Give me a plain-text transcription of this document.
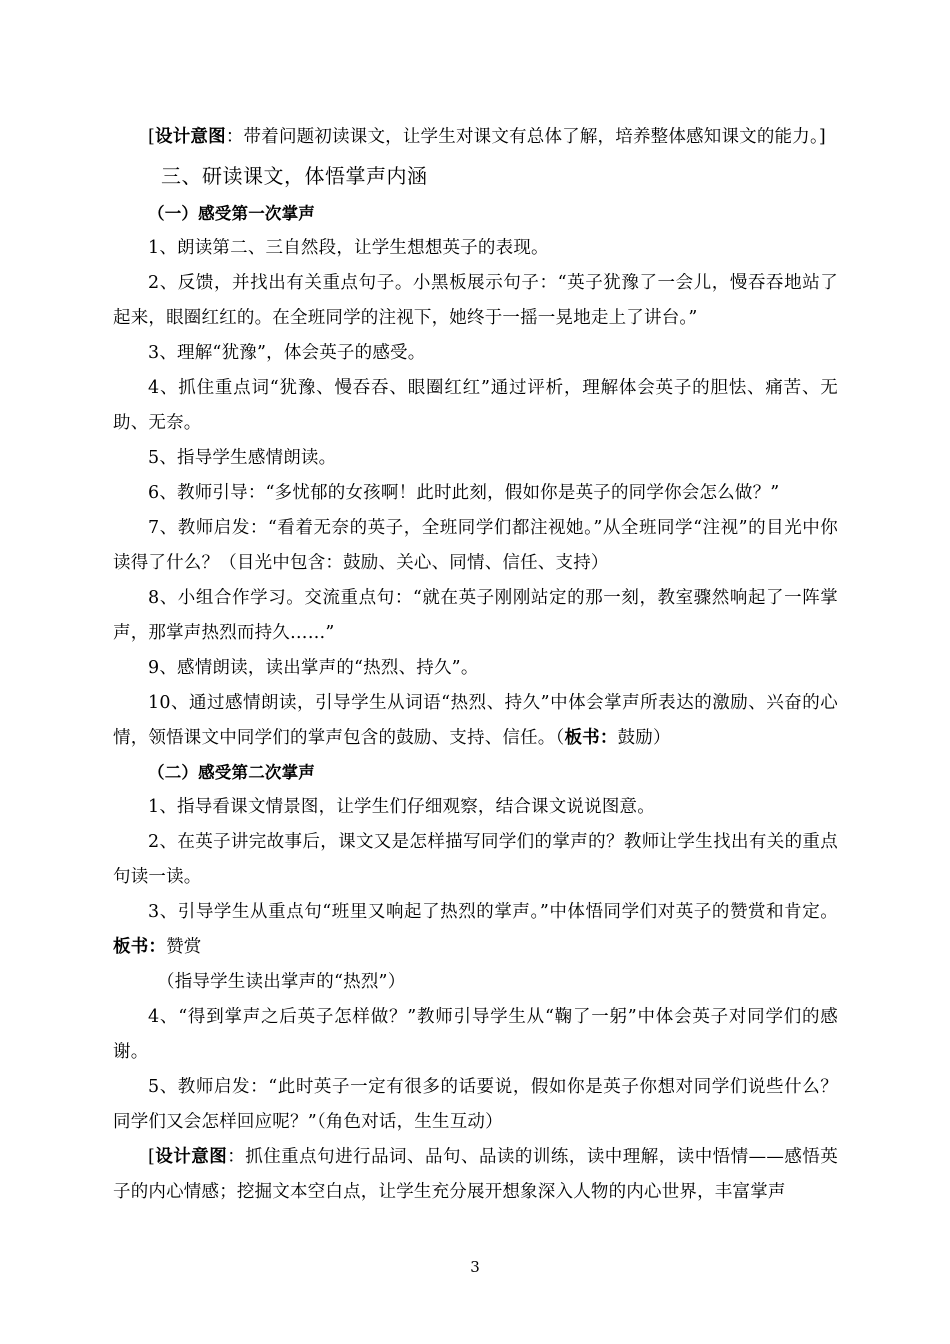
[设计意图：带着问题初读课文，让学生对课文有总体了解，培养整体感知课文的能力。]

三、研读课文，体悟掌声内涵

（一）感受第一次掌声

1、朗读第二、三自然段，让学生想想英子的表现。

2、反馈，并找出有关重点句子。小黑板展示句子：“英子犹豫了一会儿，慢吞吞地站了起来，眼圈红红的。在全班同学的注视下，她终于一摇一晃地走上了讲台。”

3、理解“犹豫”，体会英子的感受。

4、抓住重点词“犹豫、慢吞吞、眼圈红红”通过评析，理解体会英子的胆怯、痛苦、无助、无奈。

5、指导学生感情朗读。

6、教师引导：“多忧郁的女孩啊！此时此刻，假如你是英子的同学你会怎么做？”

7、教师启发：“看着无奈的英子，全班同学们都注视她。”从全班同学“注视”的目光中你读得了什么？（目光中包含：鼓励、关心、同情、信任、支持）

8、小组合作学习。交流重点句：“就在英子刚刚站定的那一刻，教室骤然响起了一阵掌声，那掌声热烈而持久……”

9、感情朗读，读出掌声的“热烈、持久”。

10、通过感情朗读，引导学生从词语“热烈、持久”中体会掌声所表达的激励、兴奋的心情，领悟课文中同学们的掌声包含的鼓励、支持、信任。（板书：鼓励）

（二）感受第二次掌声

1、指导看课文情景图，让学生们仔细观察，结合课文说说图意。

2、在英子讲完故事后，课文又是怎样描写同学们的掌声的？教师让学生找出有关的重点句读一读。

3、引导学生从重点句“班里又响起了热烈的掌声。”中体悟同学们对英子的赞赏和肯定。板书：赞赏

（指导学生读出掌声的“热烈”）

4、“得到掌声之后英子怎样做？”教师引导学生从“鞠了一躬”中体会英子对同学们的感谢。

5、教师启发：“此时英子一定有很多的话要说，假如你是英子你想对同学们说些什么？同学们又会怎样回应呢？”（角色对话，生生互动）

[设计意图：抓住重点句进行品词、品句、品读的训练，读中理解，读中悟情——感悟英子的内心情感；挖掘文本空白点，让学生充分展开想象深入人物的内心世界，丰富掌声

3
